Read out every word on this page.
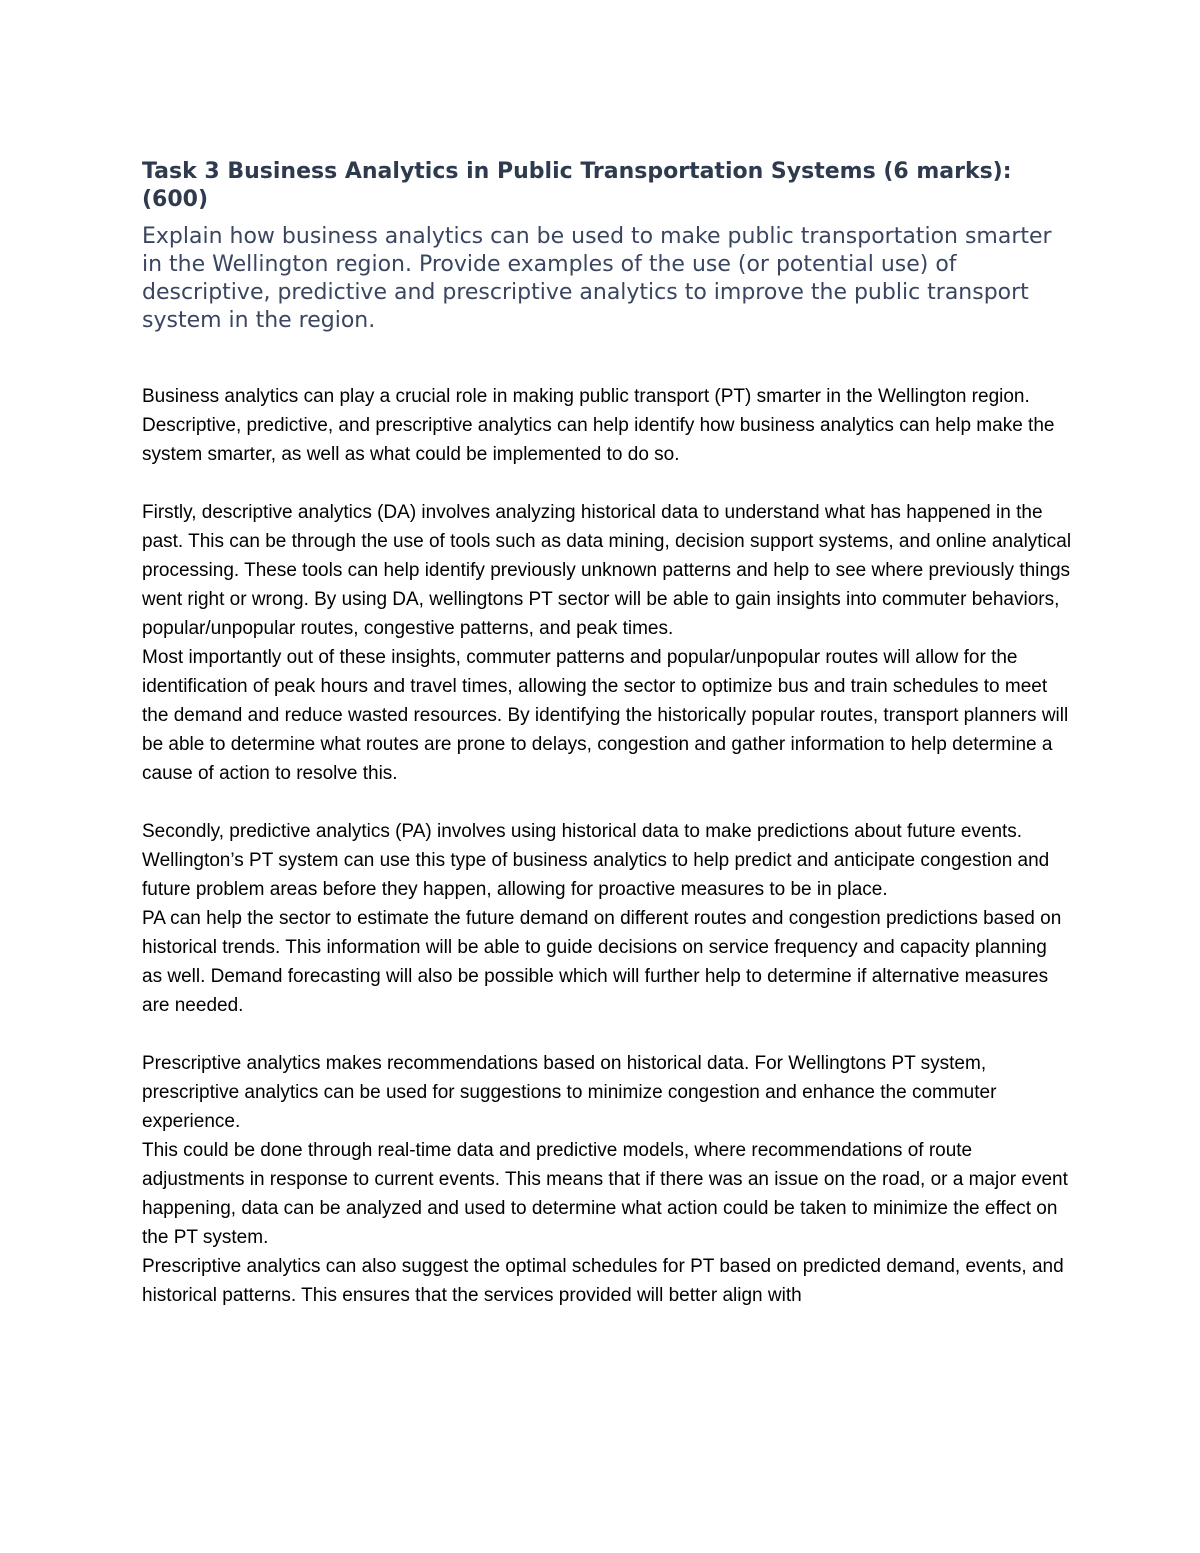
Task 3 Business Analytics in Public Transportation Systems (6 marks): (600)

Explain how business analytics can be used to make public transportation smarter in the Wellington region. Provide examples of the use (or potential use) of descriptive, predictive and prescriptive analytics to improve the public transport system in the region.

Business analytics can play a crucial role in making public transport (PT) smarter in the Wellington region. Descriptive, predictive, and prescriptive analytics can help identify how business analytics can help make the system smarter, as well as what could be implemented to do so.

Firstly, descriptive analytics (DA) involves analyzing historical data to understand what has happened in the past. This can be through the use of tools such as data mining, decision support systems, and online analytical processing. These tools can help identify previously unknown patterns and help to see where previously things went right or wrong. By using DA, wellingtons PT sector will be able to gain insights into commuter behaviors, popular/unpopular routes, congestive patterns, and peak times.

Most importantly out of these insights, commuter patterns and popular/unpopular routes will allow for the identification of peak hours and travel times, allowing the sector to optimize bus and train schedules to meet the demand and reduce wasted resources. By identifying the historically popular routes, transport planners will be able to determine what routes are prone to delays, congestion and gather information to help determine a cause of action to resolve this.

Secondly, predictive analytics (PA) involves using historical data to make predictions about future events. Wellington’s PT system can use this type of business analytics to help predict and anticipate congestion and future problem areas before they happen, allowing for proactive measures to be in place.

PA can help the sector to estimate the future demand on different routes and congestion predictions based on historical trends. This information will be able to guide decisions on service frequency and capacity planning as well. Demand forecasting will also be possible which will further help to determine if alternative measures are needed.

Prescriptive analytics makes recommendations based on historical data. For Wellingtons PT system, prescriptive analytics can be used for suggestions to minimize congestion and enhance the commuter experience.

This could be done through real-time data and predictive models, where recommendations of route adjustments in response to current events. This means that if there was an issue on the road, or a major event happening, data can be analyzed and used to determine what action could be taken to minimize the effect on the PT system.

Prescriptive analytics can also suggest the optimal schedules for PT based on predicted demand, events, and historical patterns. This ensures that the services provided will better align with
